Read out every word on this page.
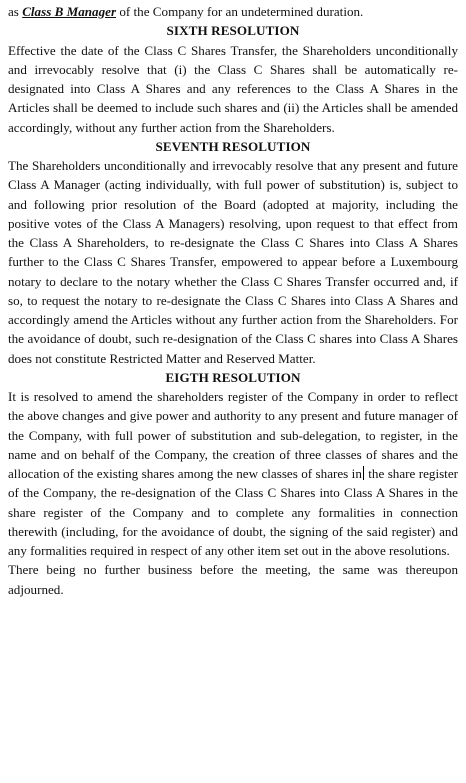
as Class B Manager of the Company for an undetermined duration.

SIXTH RESOLUTION

Effective the date of the Class C Shares Transfer, the Shareholders unconditionally and irrevocably resolve that (i) the Class C Shares shall be automatically re-designated into Class A Shares and any references to the Class A Shares in the Articles shall be deemed to include such shares and (ii) the Articles shall be amended accordingly, without any further action from the Shareholders.

SEVENTH RESOLUTION

The Shareholders unconditionally and irrevocably resolve that any present and future Class A Manager (acting individually, with full power of substitution) is, subject to and following prior resolution of the Board (adopted at majority, including the positive votes of the Class A Managers) resolving, upon request to that effect from the Class A Shareholders, to re-designate the Class C Shares into Class A Shares further to the Class C Shares Transfer, empowered to appear before a Luxembourg notary to declare to the notary whether the Class C Shares Transfer occurred and, if so, to request the notary to re-designate the Class C Shares into Class A Shares and accordingly amend the Articles without any further action from the Shareholders. For the avoidance of doubt, such re-designation of the Class C shares into Class A Shares does not constitute Restricted Matter and Reserved Matter.

EIGTH RESOLUTION

It is resolved to amend the shareholders register of the Company in order to reflect the above changes and give power and authority to any present and future manager of the Company, with full power of substitution and sub-delegation, to register, in the name and on behalf of the Company, the creation of three classes of shares and the allocation of the existing shares among the new classes of shares in the share register of the Company, the re-designation of the Class C Shares into Class A Shares in the share register of the Company and to complete any formalities in connection therewith (including, for the avoidance of doubt, the signing of the said register) and any formalities required in respect of any other item set out in the above resolutions.

There being no further business before the meeting, the same was thereupon adjourned.
